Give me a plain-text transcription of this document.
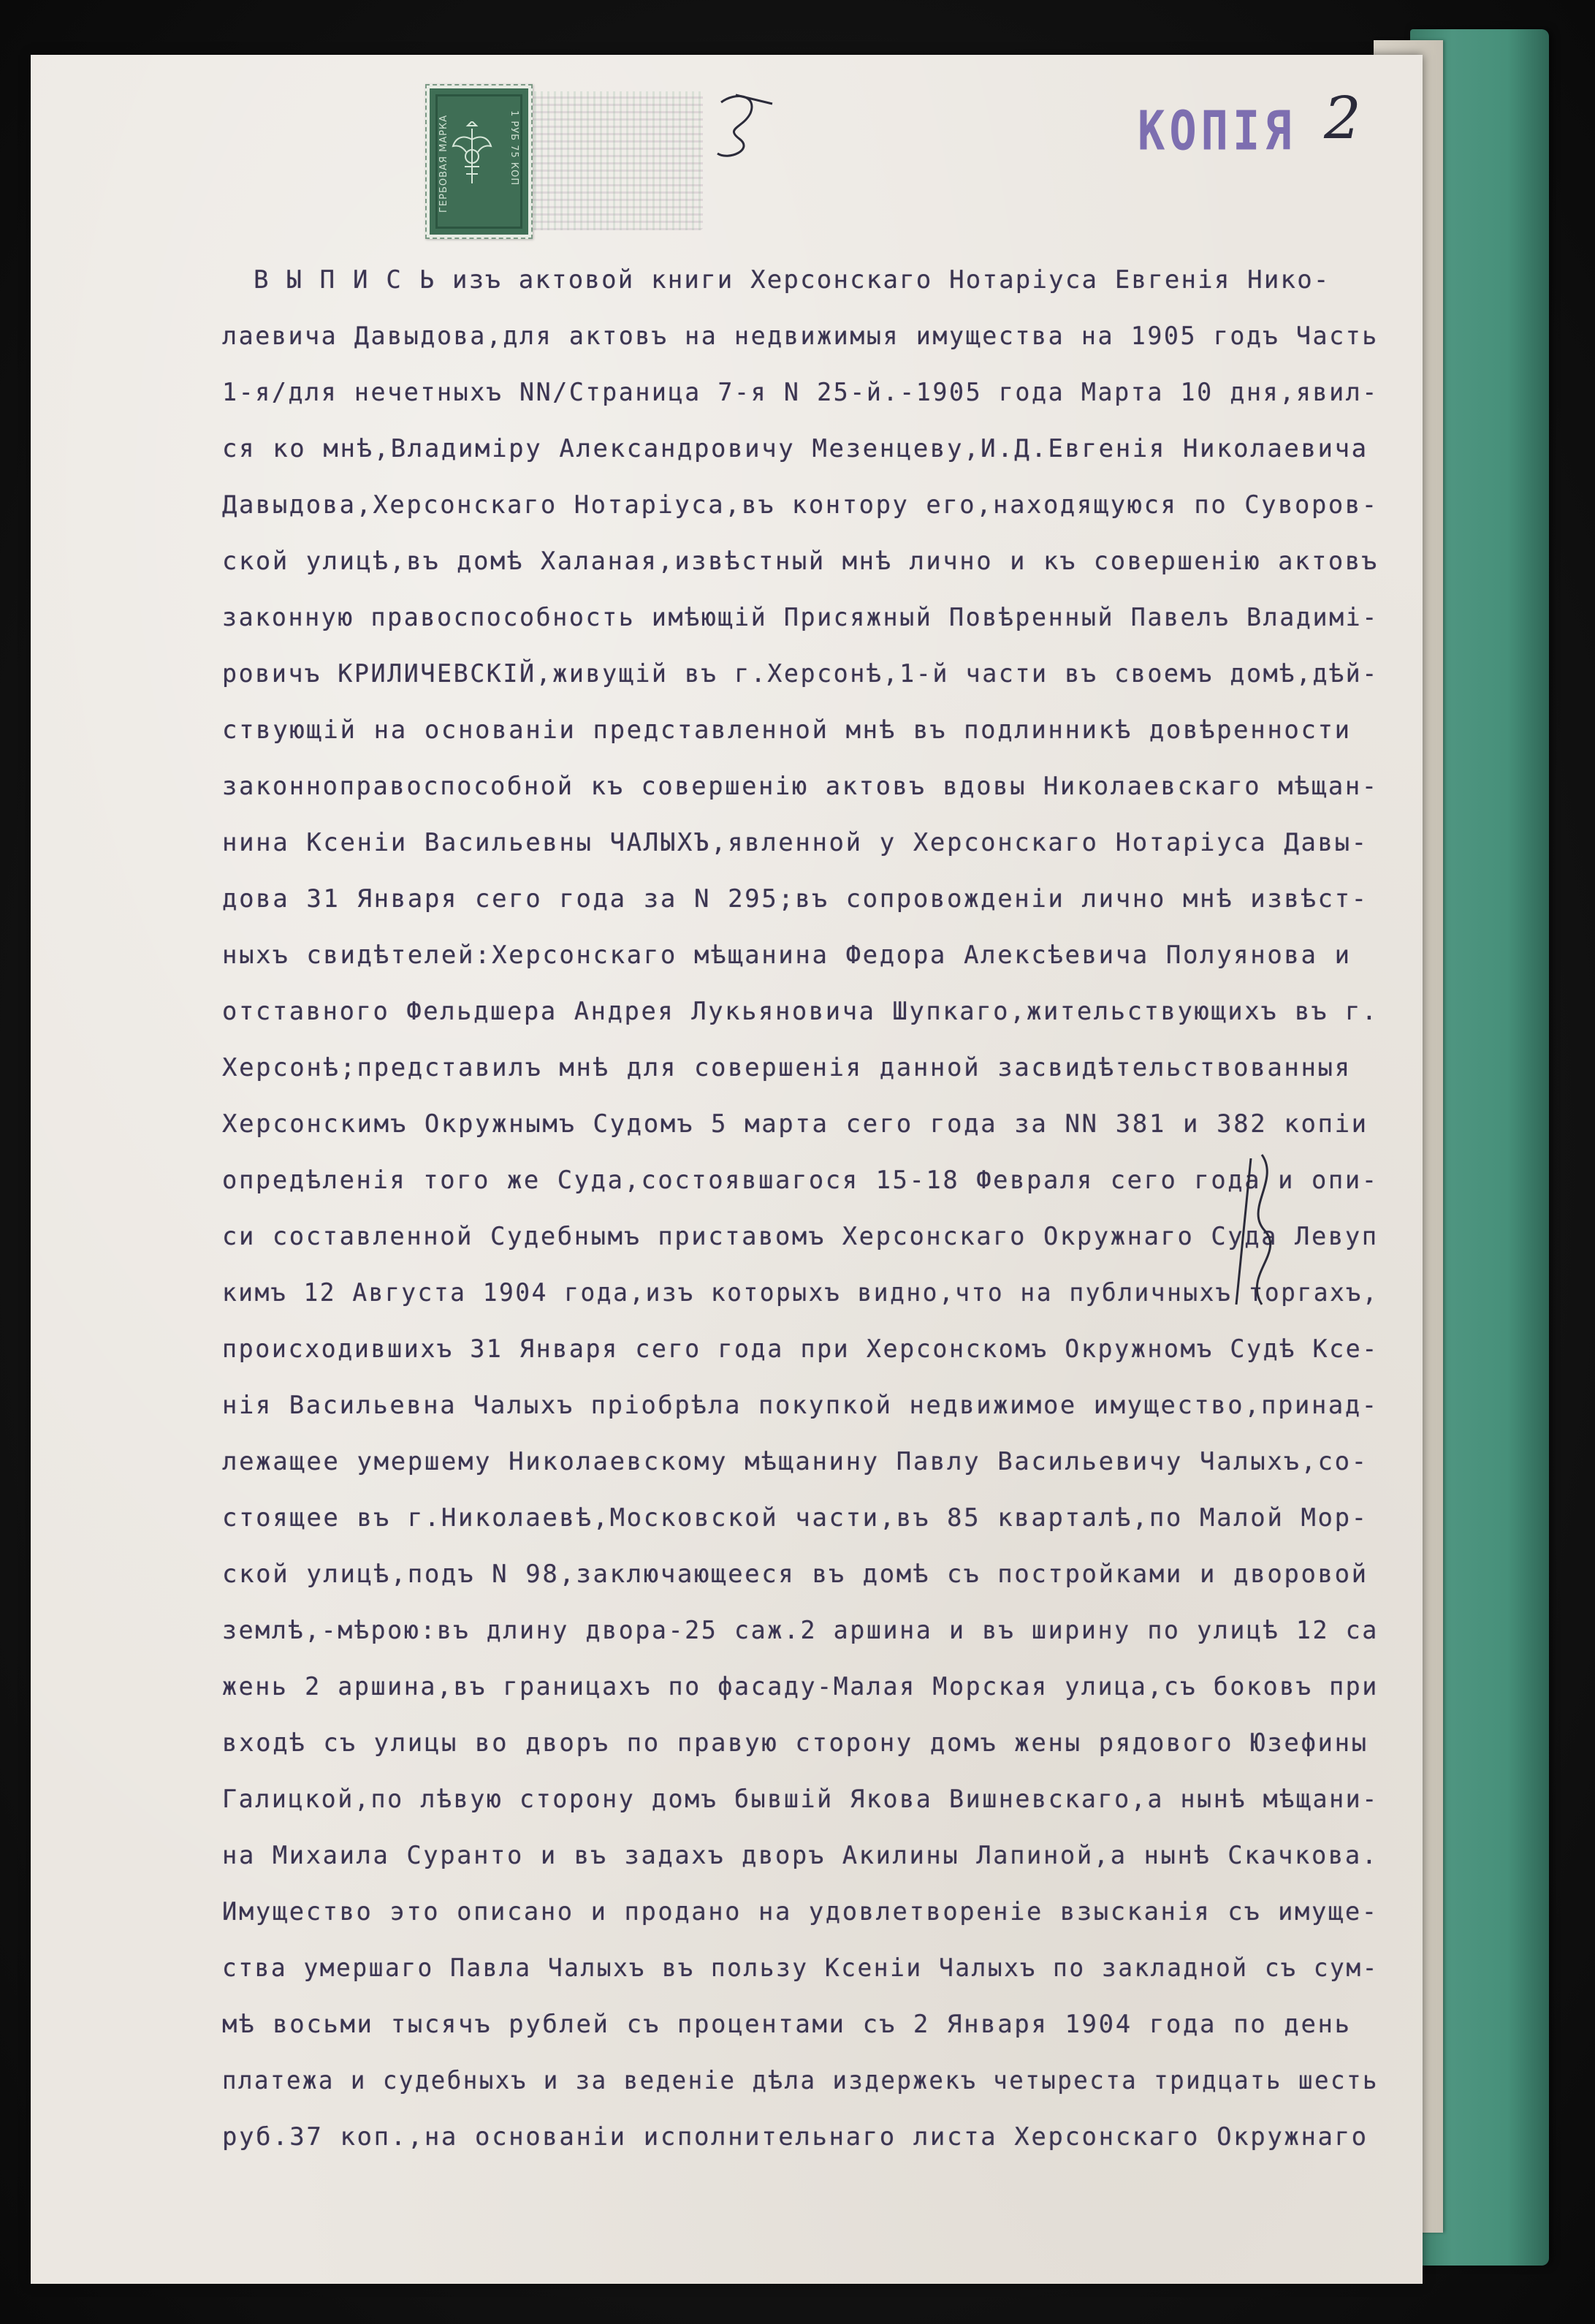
ГЕРБОВАЯ МАРКА	1 РУБ 75 КОП	КОПIЯ 2
В Ы П И С Ь изъ актовой книги Херсонскаго Нотаріуса Евгенія Нико-
лаевича Давыдова,для актовъ на недвижимыя имущества на 1905 годъ Часть
1-я/для нечетныхъ NN/Страница 7-я N 25-й.-1905 года Марта 10 дня,явил-
ся ко мнѣ,Владиміру Александровичу Мезенцеву,И.Д.Евгенія Николаевича
Давыдова,Херсонскаго Нотаріуса,въ контору его,находящуюся по Суворов-
ской улицѣ,въ домѣ Халаная,извѣстный мнѣ лично и къ совершенію актовъ
законную правоспособность имѣющій Присяжный Повѣренный Павелъ Владимі-
ровичъ КРИЛИЧЕВСКІЙ,живущій въ г.Херсонѣ,1-й части въ своемъ домѣ,дѣй-
ствующій на основаніи представленной мнѣ въ подлинникѣ довѣренности
законноправоспособной къ совершенію актовъ вдовы Николаевскаго мѣщан-
нина Ксеніи Васильевны ЧАЛЫХЪ,явленной у Херсонскаго Нотаріуса Давы-
дова 31 Января сего года за N 295;въ сопровожденіи лично мнѣ извѣст-
ныхъ свидѣтелей:Херсонскаго мѣщанина Федора Алексѣевича Полуянова и
отставного Фельдшера Андрея Лукьяновича Шупкаго,жительствующихъ въ г.
Херсонѣ;представилъ мнѣ для совершенія данной засвидѣтельствованныя
Херсонскимъ Окружнымъ Судомъ 5 марта сего года за NN 381 и 382 копіи
опредѣленія того же Суда,состоявшагося 15-18 Февраля сего года и опи-
си составленной Судебнымъ приставомъ Херсонскаго Окружнаго Суда Левуп
кимъ 12 Августа 1904 года,изъ которыхъ видно,что на публичныхъ торгахъ,
происходившихъ 31 Января сего года при Херсонскомъ Окружномъ Судѣ Ксе-
нія Васильевна Чалыхъ пріобрѣла покупкой недвижимое имущество,принад-
лежащее умершему Николаевскому мѣщанину Павлу Васильевичу Чалыхъ,со-
стоящее въ г.Николаевѣ,Московской части,въ 85 кварталѣ,по Малой Мор-
ской улицѣ,подъ N 98,заключающееся въ домѣ съ постройками и дворовой
землѣ,-мѣрою:въ длину двора-25 саж.2 аршина и въ ширину по улицѣ 12 са
жень 2 аршина,въ границахъ по фасаду-Малая Морская улица,съ боковъ при
входѣ съ улицы во дворъ по правую сторону домъ жены рядового Юзефины
Галицкой,по лѣвую сторону домъ бывшій Якова Вишневскаго,а нынѣ мѣщани-
на Михаила Суранто и въ задахъ дворъ Акилины Лапиной,а нынѣ Скачкова.
Имущество это описано и продано на удовлетвореніе взысканія съ имуще-
ства умершаго Павла Чалыхъ въ пользу Ксеніи Чалыхъ по закладной съ сум-
мѣ восьми тысячъ рублей съ процентами съ 2 Января 1904 года по день
платежа и судебныхъ и за веденіе дѣла издержекъ четыреста тридцать шесть
руб.37 коп.,на основаніи исполнительнаго листа Херсонскаго Окружнаго
